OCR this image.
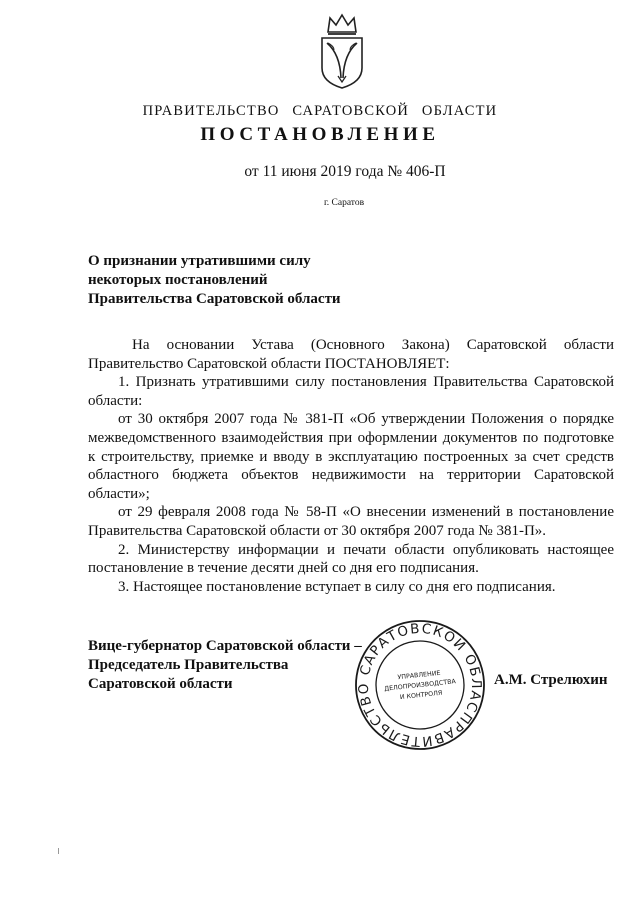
ПРАВИТЕЛЬСТВО САРАТОВСКОЙ ОБЛАСТИ
ПОСТАНОВЛЕНИЕ
от 11 июня 2019 года № 406-П
г. Саратов
О признании утратившими силу
некоторых постановлений
Правительства Саратовской области

На основании Устава (Основного Закона) Саратовской области Правительство Саратовской области ПОСТАНОВЛЯЕТ:

1. Признать утратившими силу постановления Правительства Саратовской области:

от 30 октября 2007 года № 381-П «Об утверждении Положения о порядке межведомственного взаимодействия при оформлении документов по подготовке к строительству, приемке и вводу в эксплуатацию построенных за счет средств областного бюджета объектов недвижимости на территории Саратовской области»;

от 29 февраля 2008 года № 58-П «О внесении изменений в постановление Правительства Саратовской области от 30 октября 2007 года № 381-П».

2. Министерству информации и печати области опубликовать настоящее постановление в течение десяти дней со дня его подписания.

3. Настоящее постановление вступает в силу со дня его подписания.

Вице-губернатор Саратовской области –
Председатель Правительства
Саратовской области
ПРАВИТЕЛЬСТВО САРАТОВСКОЙ ОБЛАСТИ
УПРАВЛЕНИЕ
ДЕЛОПРОИЗВОДСТВА
И КОНТРОЛЯ
А.М. Стрелюхин
